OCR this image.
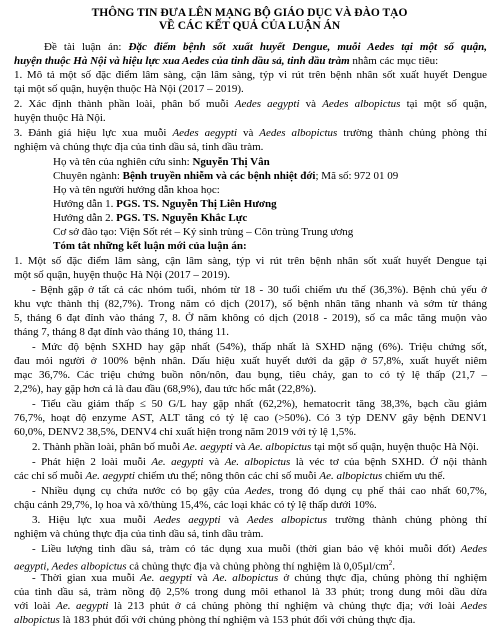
THÔNG TIN ĐƯA LÊN MẠNG BỘ GIÁO DỤC VÀ ĐÀO TẠO
VỀ CÁC KẾT QUẢ CỦA LUẬN ÁN
Đề tài luận án: Đặc điểm bệnh sốt xuất huyết Dengue, muỗi Aedes tại một số quận,
huyện thuộc Hà Nội và hiệu lực xua Aedes của tinh dầu sả, tinh dầu tràm nhằm các mục tiêu:
1. Mô tả một số đặc điểm lâm sàng, cận lâm sàng, týp vi rút trên bệnh nhân sốt xuất huyết Dengue
tại một số quận, huyện thuộc Hà Nội (2017 – 2019).
2. Xác định thành phần loài, phân bố muỗi Aedes aegypti và Aedes albopictus tại một số quận,
huyện thuộc Hà Nội.
3. Đánh giá hiệu lực xua muỗi Aedes aegypti và Aedes albopictus trường thành chủng phòng thí
nghiệm và chủng thực địa của tinh dầu sả, tinh dầu tràm.
Họ và tên của nghiên cứu sinh: Nguyễn Thị Vân
Chuyên ngành: Bệnh truyền nhiễm và các bệnh nhiệt đới; Mã số: 972 01 09
Họ và tên người hướng dẫn khoa học:
Hướng dẫn 1. PGS. TS. Nguyễn Thị Liên Hương
Hướng dẫn 2. PGS. TS. Nguyễn Khắc Lực
Cơ sở đào tạo: Viện Sốt rét – Ký sinh trùng – Côn trùng Trung ương
Tóm tắt những kết luận mới của luận án:
1. Một số đặc điểm lâm sàng, cận lâm sàng, týp vi rút trên bệnh nhân sốt xuất huyết Dengue tại
một số quận, huyện thuộc Hà Nội (2017 – 2019).
- Bệnh gặp ở tất cả các nhóm tuổi, nhóm từ 18 - 30 tuổi chiếm ưu thế (36,3%). Bệnh chủ yếu ở
khu vực thành thị (82,7%). Trong năm có dịch (2017), số bệnh nhân tăng nhanh và sớm từ tháng
5, tháng 6 đạt đỉnh vào tháng 7, 8. Ở năm không có dịch (2018 - 2019), số ca mắc tăng muộn vào
tháng 7, tháng 8 đạt đỉnh vào tháng 10, tháng 11.
- Mức độ bệnh SXHD hay gặp nhất (54%), thấp nhất là SXHD nặng (6%). Triệu chứng sốt,
đau mỏi người ở 100% bệnh nhân. Dấu hiệu xuất huyết dưới da gặp ở 57,8%, xuất huyết niêm
mạc 36,7%. Các triệu chứng buồn nôn/nôn, đau bụng, tiêu chảy, gan to có tỷ lệ thấp (21,7 –
2,2%), hay gặp hơn cả là đau đầu (68,9%), đau tức hốc mắt (22,8%).
- Tiểu cầu giảm thấp ≤ 50 G/L hay gặp nhất (62,2%), hematocrit tăng 38,3%, bạch cầu giảm
76,7%, hoạt độ enzyme AST, ALT tăng có tỷ lệ cao (>50%). Có 3 týp DENV gây bệnh DENV1
60,0%, DENV2 38,5%, DENV4 chỉ xuất hiện trong năm 2019 với tỷ lệ 1,5%.
2. Thành phần loài, phân bố muỗi Ae. aegypti và Ae. albopictus tại một số quận, huyện thuộc Hà Nội.
- Phát hiện 2 loài muỗi Ae. aegypti và Ae. albopictus là véc tơ của bệnh SXHD. Ở nội thành
các chỉ số muỗi Ae. aegypti chiếm ưu thế; nông thôn các chỉ số muỗi Ae. albopictus chiếm ưu thế.
- Nhiều dụng cụ chứa nước có bọ gậy của Aedes, trong đó dụng cụ phế thải cao nhất 60,7%,
chậu cảnh 29,7%, lọ hoa và xô/thùng 15,4%, các loại khác có tỷ lệ thấp dưới 10%.
3. Hiệu lực xua muỗi Aedes aegypti và Aedes albopictus trường thành chủng phòng thí
nghiệm và chủng thực địa của tinh dầu sả, tinh dầu tràm.
- Liều lượng tinh dầu sả, tràm có tác dụng xua muỗi (thời gian bảo vệ khỏi muỗi đốt) Aedes
aegypti, Aedes albopictus cả chủng thực địa và chủng phòng thí nghiệm là $0,05\mu l/cm^2$.
- Thời gian xua muỗi Ae. aegypti và Ae. albopictus ở chủng thực địa, chủng phòng thí nghiệm
của tinh dầu sả, tràm nồng độ 2,5% trong dung môi ethanol là 33 phút; trong dung môi dầu dừa
với loài Ae. aegypti là 213 phút ở cả chủng phòng thí nghiệm và chủng thực địa; với loài Aedes
albopictus là 183 phút đối với chủng phòng thí nghiệm và 153 phút đối với chủng thực địa.
